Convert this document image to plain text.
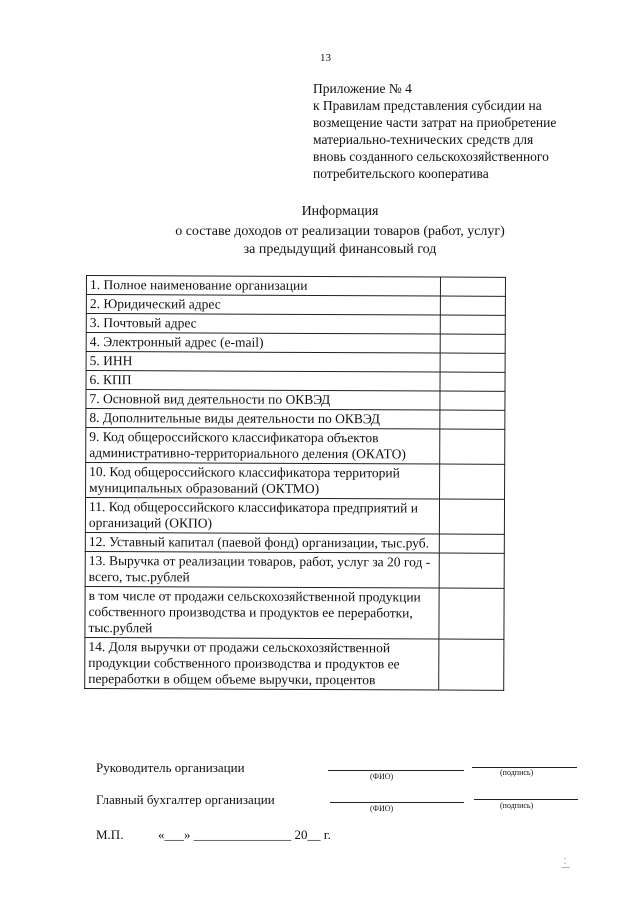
13
Приложение № 4
к Правилам представления субсидии на
возмещение части затрат на приобретение
материально-технических средств для
вновь созданного сельскохозяйственного
потребительского кооператива
Информация
о составе доходов от реализации товаров (работ, услуг)
за предыдущий финансовый год
1. Полное наименование организации	
2. Юридический адрес	
3. Почтовый адрес	
4. Электронный адрес (e-mail)	
5. ИНН	
6. КПП	
7. Основной вид деятельности по ОКВЭД	
8. Дополнительные виды деятельности по ОКВЭД	
9. Код общероссийского классификатора объектов административно-территориального деления (ОКАТО)	
10. Код общероссийского классификатора территорий муниципальных образований (ОКТМО)	
11. Код общероссийского классификатора предприятий и организаций (ОКПО)	
12. Уставный капитал (паевой фонд) организации, тыс.руб.	
13. Выручка от реализации товаров, работ, услуг за 20 год - всего, тыс.рублей	
в том числе от продажи сельскохозяйственной продукции собственного производства и продуктов ее переработки, тыс.рублей	
14. Доля выручки от продажи сельскохозяйственной продукции собственного производства и продуктов ее переработки в общем объеме выручки, процентов	
Руководитель организации
(ФИО)	(подпись)
Главный бухгалтер организации
(ФИО)	(подпись)
М.П.	«___» _______________ 20__ г.
| · ·
